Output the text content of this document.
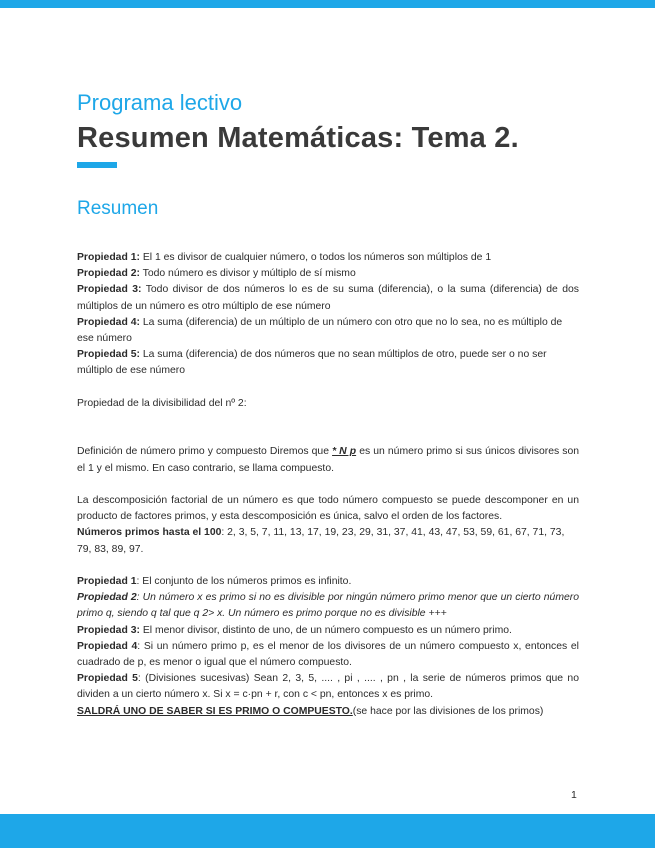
Programa lectivo
Resumen Matemáticas: Tema 2.
Resumen

Propiedad 1: El 1 es divisor de cualquier número, o todos los números son múltiplos de 1

Propiedad 2: Todo número es divisor y múltiplo de sí mismo

Propiedad 3: Todo divisor de dos números lo es de su suma (diferencia), o la suma (diferencia) de dos múltiplos de un número es otro múltiplo de ese número

Propiedad 4: La suma (diferencia) de un múltiplo de un número con otro que no lo sea, no es múltiplo de ese número

Propiedad 5: La suma (diferencia) de dos números que no sean múltiplos de otro, puede ser o no ser múltiplo de ese número

Propiedad de la divisibilidad del nº 2:

Definición de número primo y compuesto Diremos que * N p es un número primo si sus únicos divisores son el 1 y el mismo. En caso contrario, se llama compuesto.

La descomposición factorial de un número es que todo número compuesto se puede descomponer en un producto de factores primos, y esta descomposición es única, salvo el orden de los factores.

Números primos hasta el 100: 2, 3, 5, 7, 11, 13, 17, 19, 23, 29, 31, 37, 41, 43, 47, 53, 59, 61, 67, 71, 73, 79, 83, 89, 97.

Propiedad 1: El conjunto de los números primos es infinito.

Propiedad 2: Un número x es primo si no es divisible por ningún número primo menor que un cierto número primo q, siendo q tal que q 2> x. Un número es primo porque no es divisible +++

Propiedad 3: El menor divisor, distinto de uno, de un número compuesto es un número primo.

Propiedad 4: Si un número primo p, es el menor de los divisores de un número compuesto x, entonces el cuadrado de p, es menor o igual que el número compuesto.

Propiedad 5: (Divisiones sucesivas) Sean 2, 3, 5, .... , pi , .... , pn , la serie de números primos que no dividen a un cierto número x. Si x = c·pn + r, con c < pn, entonces x es primo.

SALDRÁ UNO DE SABER SI ES PRIMO O COMPUESTO.(se hace por las divisiones de los primos)

1
